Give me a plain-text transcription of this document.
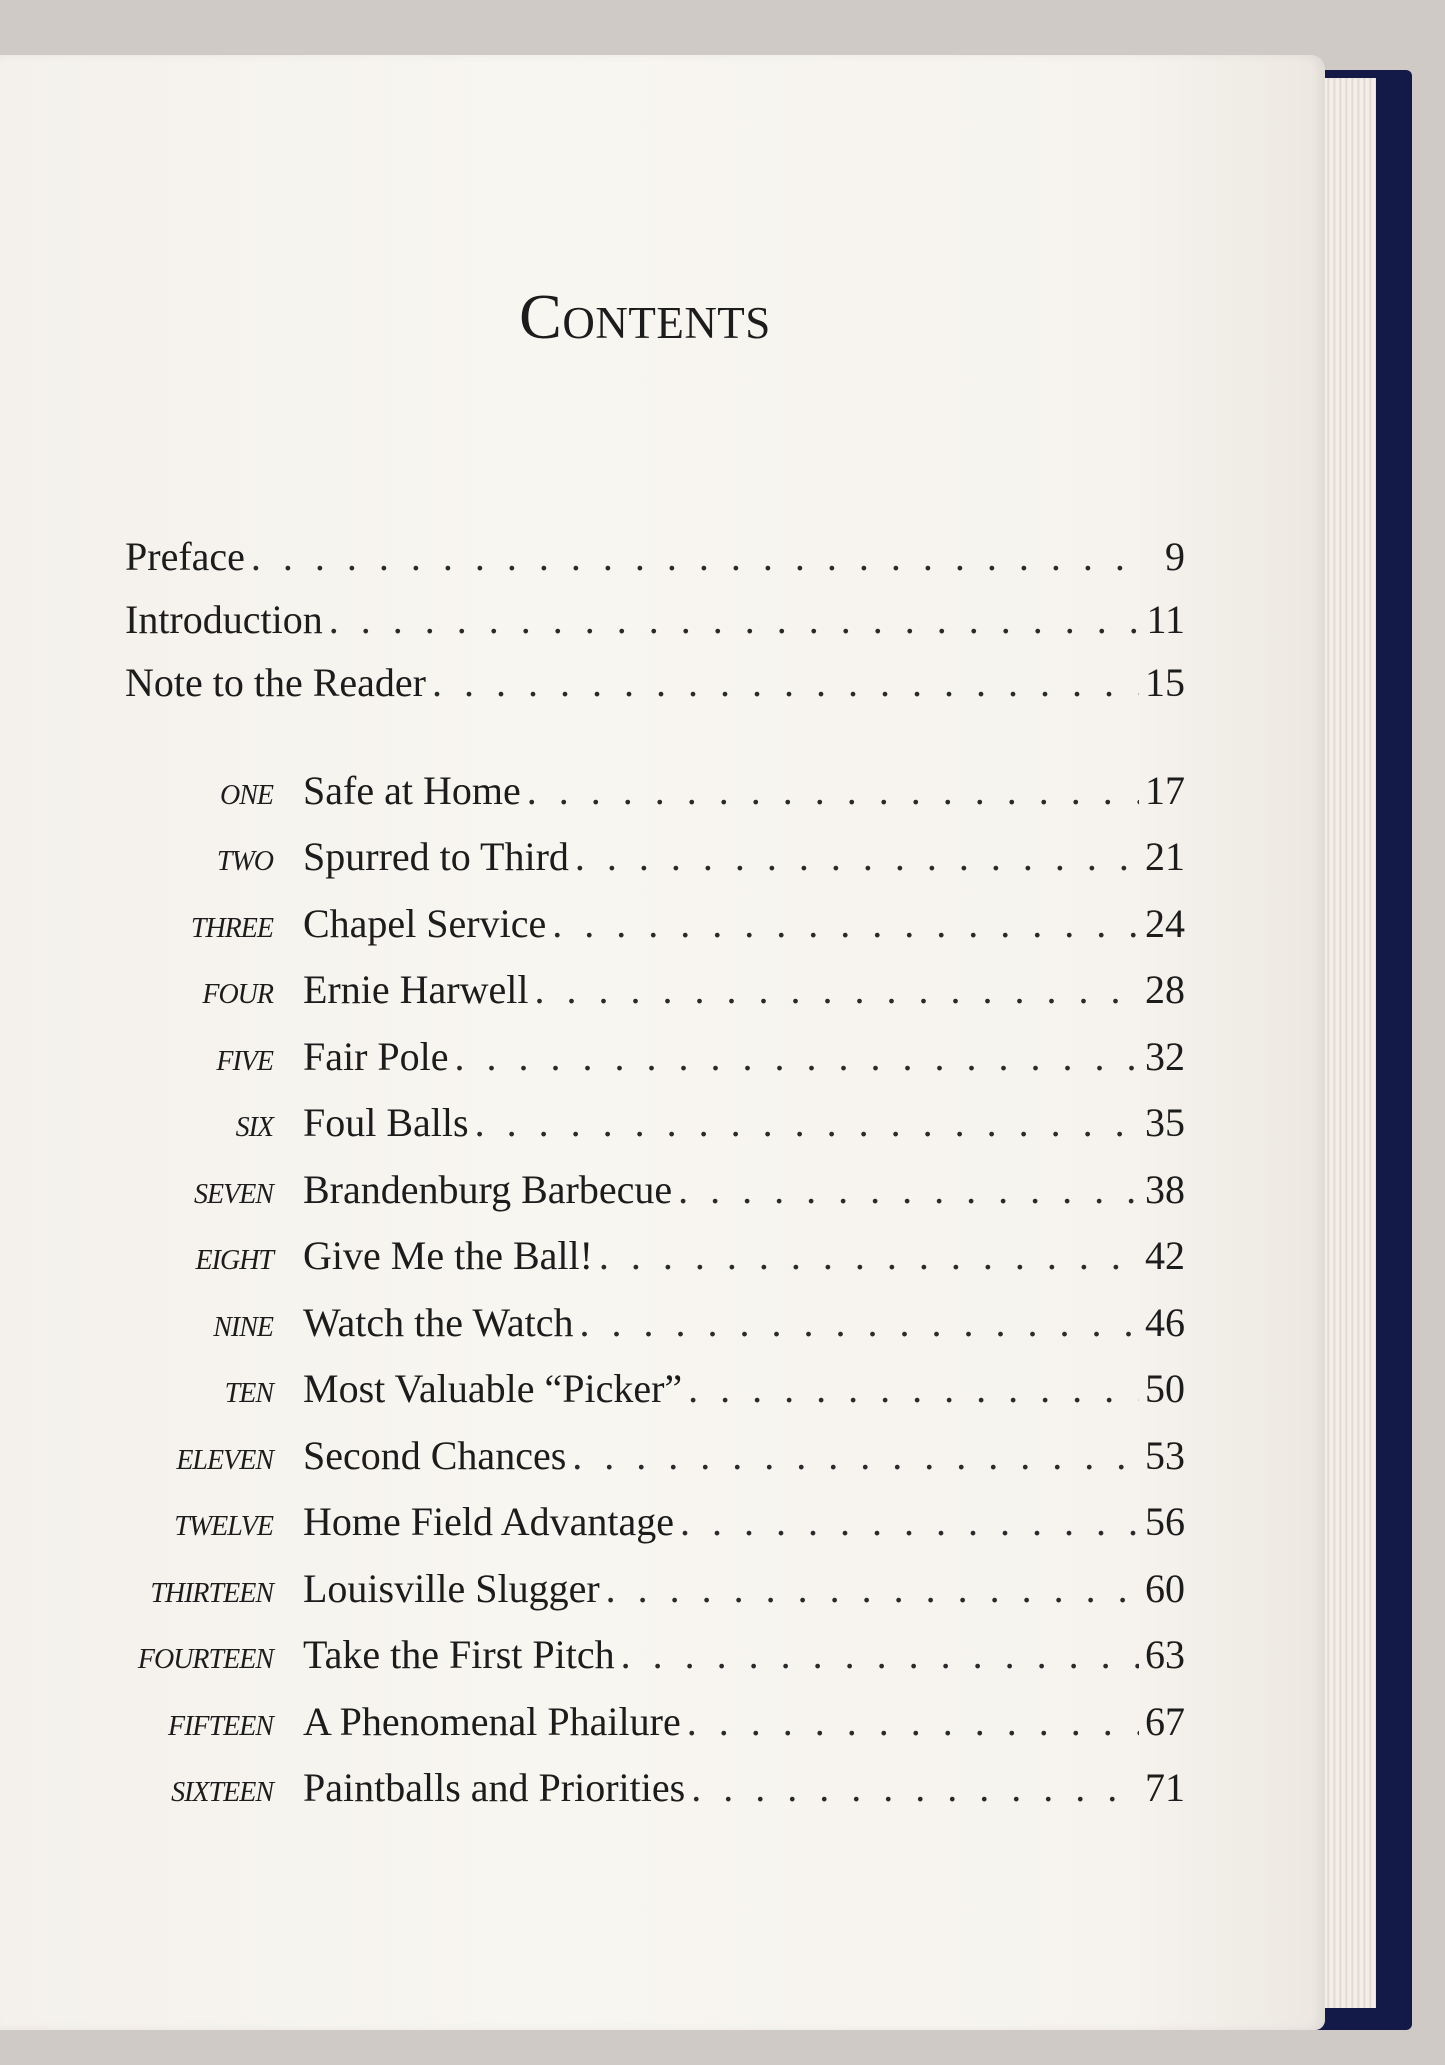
Contents
Preface . . .	9
Introduction . . .	11
Note to the Reader . . .	15
ONE Safe at Home . . .	17
TWO Spurred to Third . . .	21
THREE Chapel Service . . .	24
FOUR Ernie Harwell . . .	28
FIVE Fair Pole . . .	32
SIX Foul Balls . . .	35
SEVEN Brandenburg Barbecue . . .	38
EIGHT Give Me the Ball! . . .	42
NINE Watch the Watch . . .	46
TEN Most Valuable “Picker” . . .	50
ELEVEN Second Chances . . .	53
TWELVE Home Field Advantage . . .	56
THIRTEEN Louisville Slugger . . .	60
FOURTEEN Take the First Pitch . . .	63
FIFTEEN A Phenomenal Phailure . . .	67
SIXTEEN Paintballs and Priorities . . .	71
